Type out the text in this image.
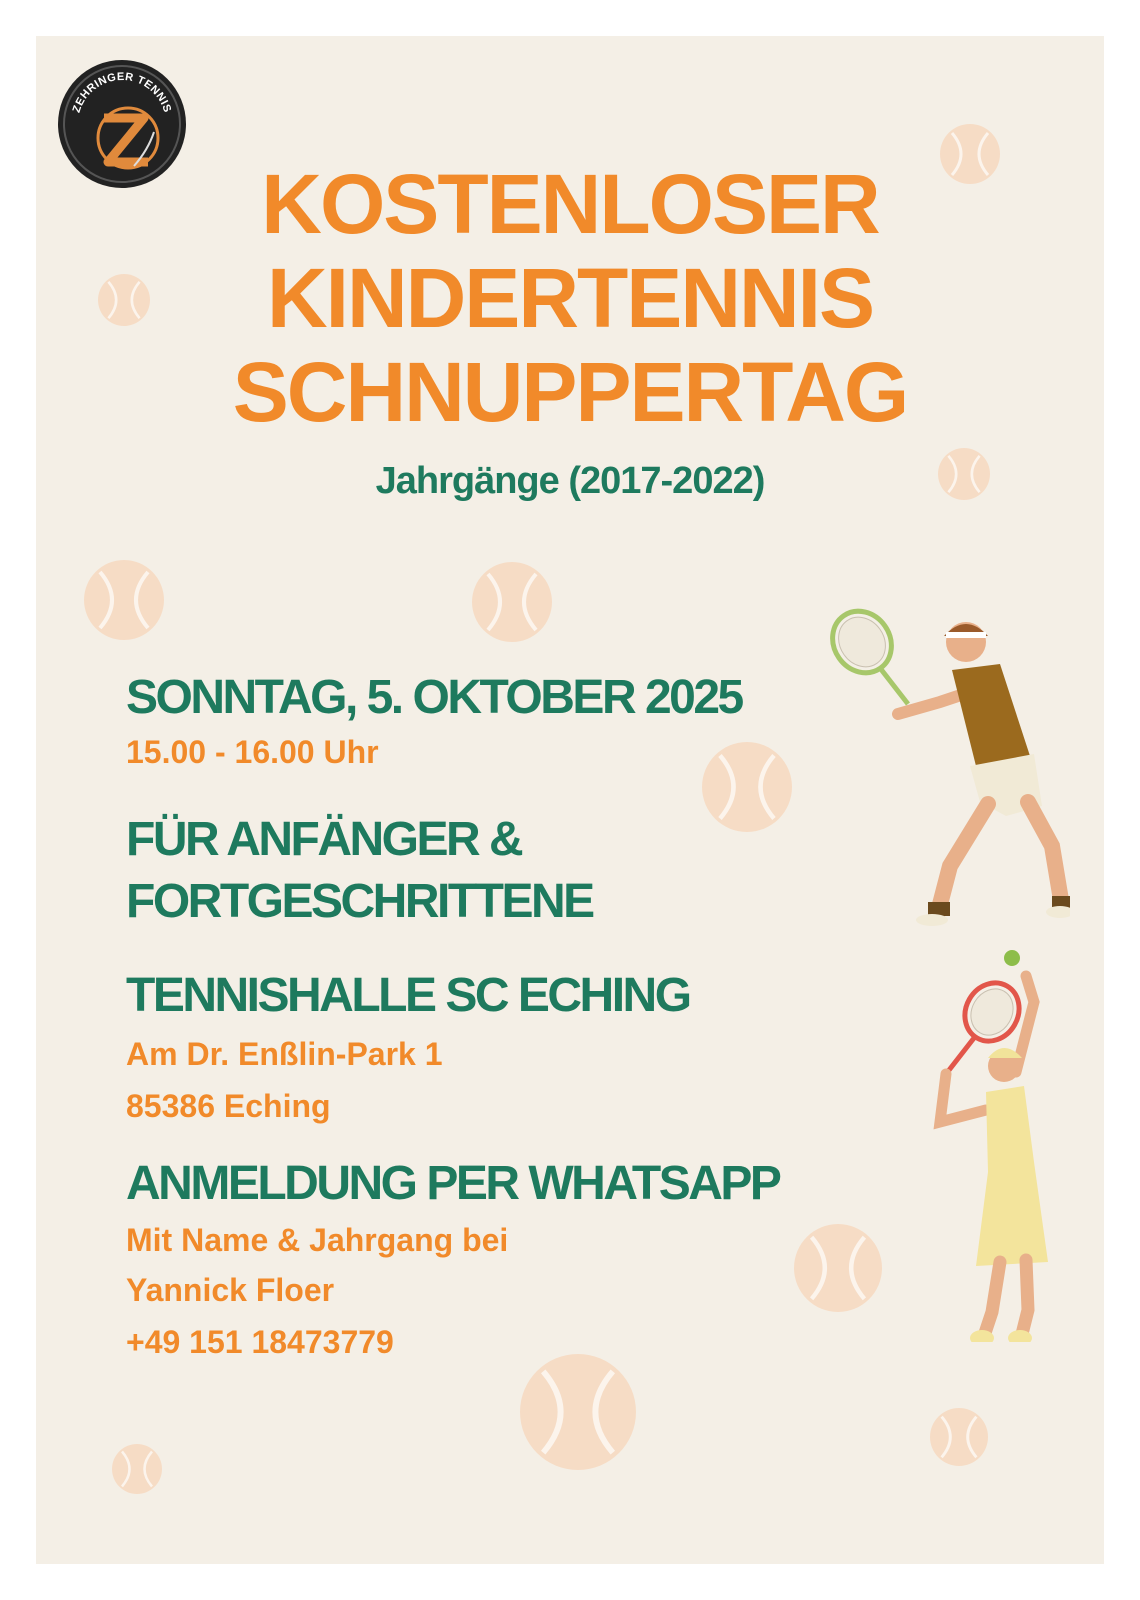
ZEHRINGER TENNIS
KOSTENLOSER
KINDERTENNIS
SCHNUPPERTAG
Jahrgänge (2017-2022)
SONNTAG, 5. OKTOBER 2025
15.00 - 16.00 Uhr
FÜR ANFÄNGER &
FORTGESCHRITTENE
TENNISHALLE SC ECHING
Am Dr. Enßlin-Park 1
85386 Eching
ANMELDUNG PER WHATSAPP
Mit Name & Jahrgang bei
Yannick Floer
+49 151 18473779
